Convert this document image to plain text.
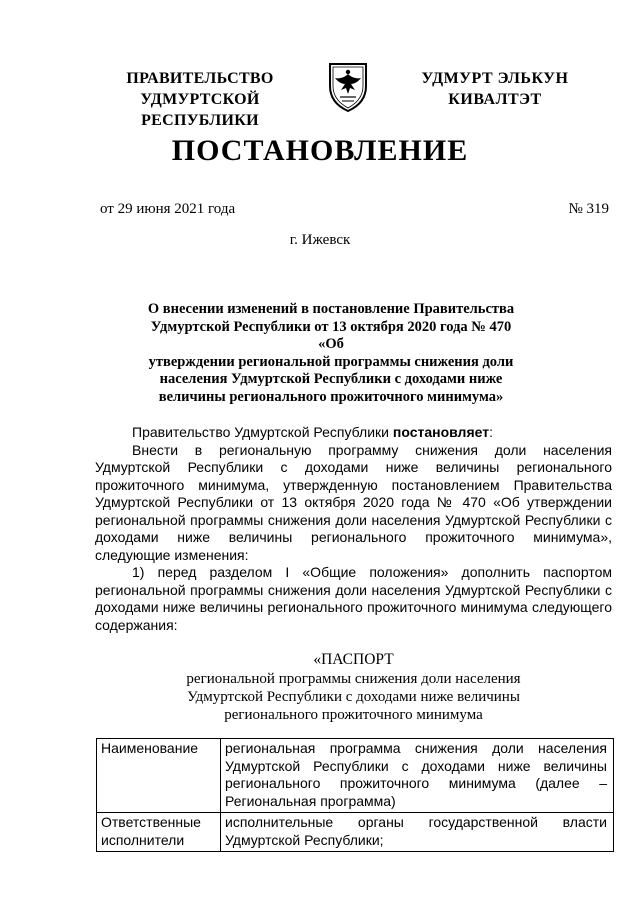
ПРАВИТЕЛЬСТВО
УДМУРТСКОЙ РЕСПУБЛИКИ
УДМУРТ ЭЛЬКУН
КИВАЛТЭТ
ПОСТАНОВЛЕНИЕ
от 29 июня 2021 года	№ 319
г. Ижевск
О внесении изменений в постановление Правительства
Удмуртской Республики от 13 октября 2020 года № 470 «Об
утверждении региональной программы снижения доли
населения Удмуртской Республики с доходами ниже
величины регионального прожиточного минимума»

Правительство Удмуртской Республики постановляет:

Внести в региональную программу снижения доли населения Удмуртской Республики с доходами ниже величины регионального прожиточного минимума, утвержденную постановлением Правительства Удмуртской Республики от 13 октября 2020 года № 470 «Об утверждении региональной программы снижения доли населения Удмуртской Республики с доходами ниже величины регионального прожиточного минимума», следующие изменения:

1) перед разделом I «Общие положения» дополнить паспортом региональной программы снижения доли населения Удмуртской Республики с доходами ниже величины регионального прожиточного минимума следующего содержания:

«ПАСПОРТ
региональной программы снижения доли населения
Удмуртской Республики с доходами ниже величины
регионального прожиточного минимума
Наименование	региональная программа снижения доли населения Удмуртской Республики с доходами ниже величины регионального прожиточного минимума (далее – Региональная программа)
Ответственные исполнители	исполнительные органы государственной власти Удмуртской Республики;
